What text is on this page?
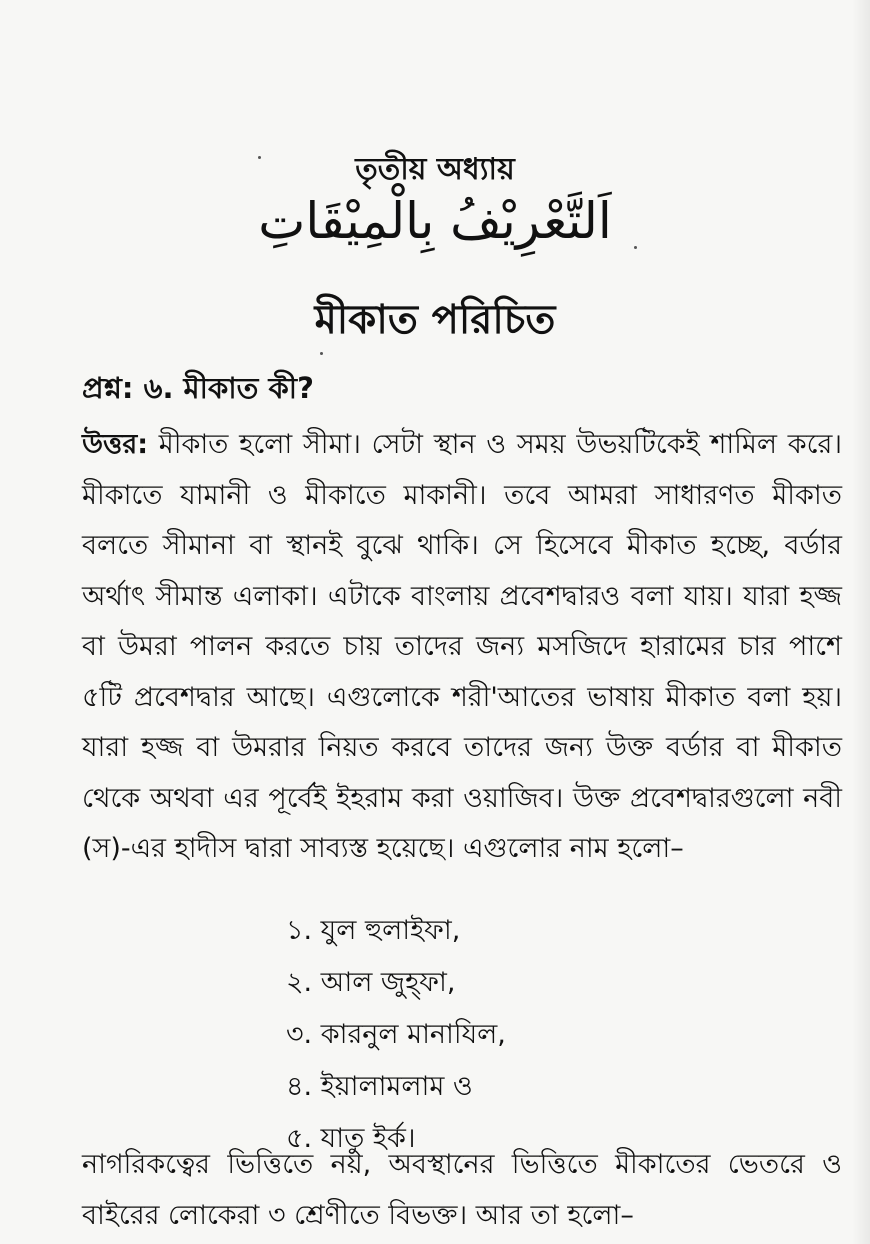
তৃতীয় অধ্যায়
اَلتَّعْرِيْفُ بِالْمِيْقَاتِ
মীকাত পরিচিত
প্রশ্ন: ৬. মীকাত কী?
উত্তর: মীকাত হলো সীমা। সেটা স্থান ও সময় উভয়টিকেই শামিল করে। মীকাতে যামানী ও মীকাতে মাকানী। তবে আমরা সাধারণত মীকাত বলতে সীমানা বা স্থানই বুঝে থাকি। সে হিসেবে মীকাত হচ্ছে, বর্ডার অর্থাৎ সীমান্ত এলাকা। এটাকে বাংলায় প্রবেশদ্বারও বলা যায়। যারা হজ্জ বা উমরা পালন করতে চায় তাদের জন্য মসজিদে হারামের চার পাশে ৫টি প্রবেশদ্বার আছে। এগুলোকে শরী'আতের ভাষায় মীকাত বলা হয়। যারা হজ্জ বা উমরার নিয়ত করবে তাদের জন্য উক্ত বর্ডার বা মীকাত থেকে অথবা এর পূর্বেই ইহরাম করা ওয়াজিব। উক্ত প্রবেশদ্বারগুলো নবী (স)-এর হাদীস দ্বারা সাব্যস্ত হয়েছে। এগুলোর নাম হলো–
১. যুল হুলাইফা,
২. আল জুহ্‌ফা,
৩. কারনুল মানাযিল,
৪. ইয়ালামলাম ও
৫. যাতু ইর্ক।
নাগরিকত্বের ভিত্তিতে নয়, অবস্থানের ভিত্তিতে মীকাতের ভেতরে ও বাইরের লোকেরা ৩ শ্রেণীতে বিভক্ত। আর তা হলো–
